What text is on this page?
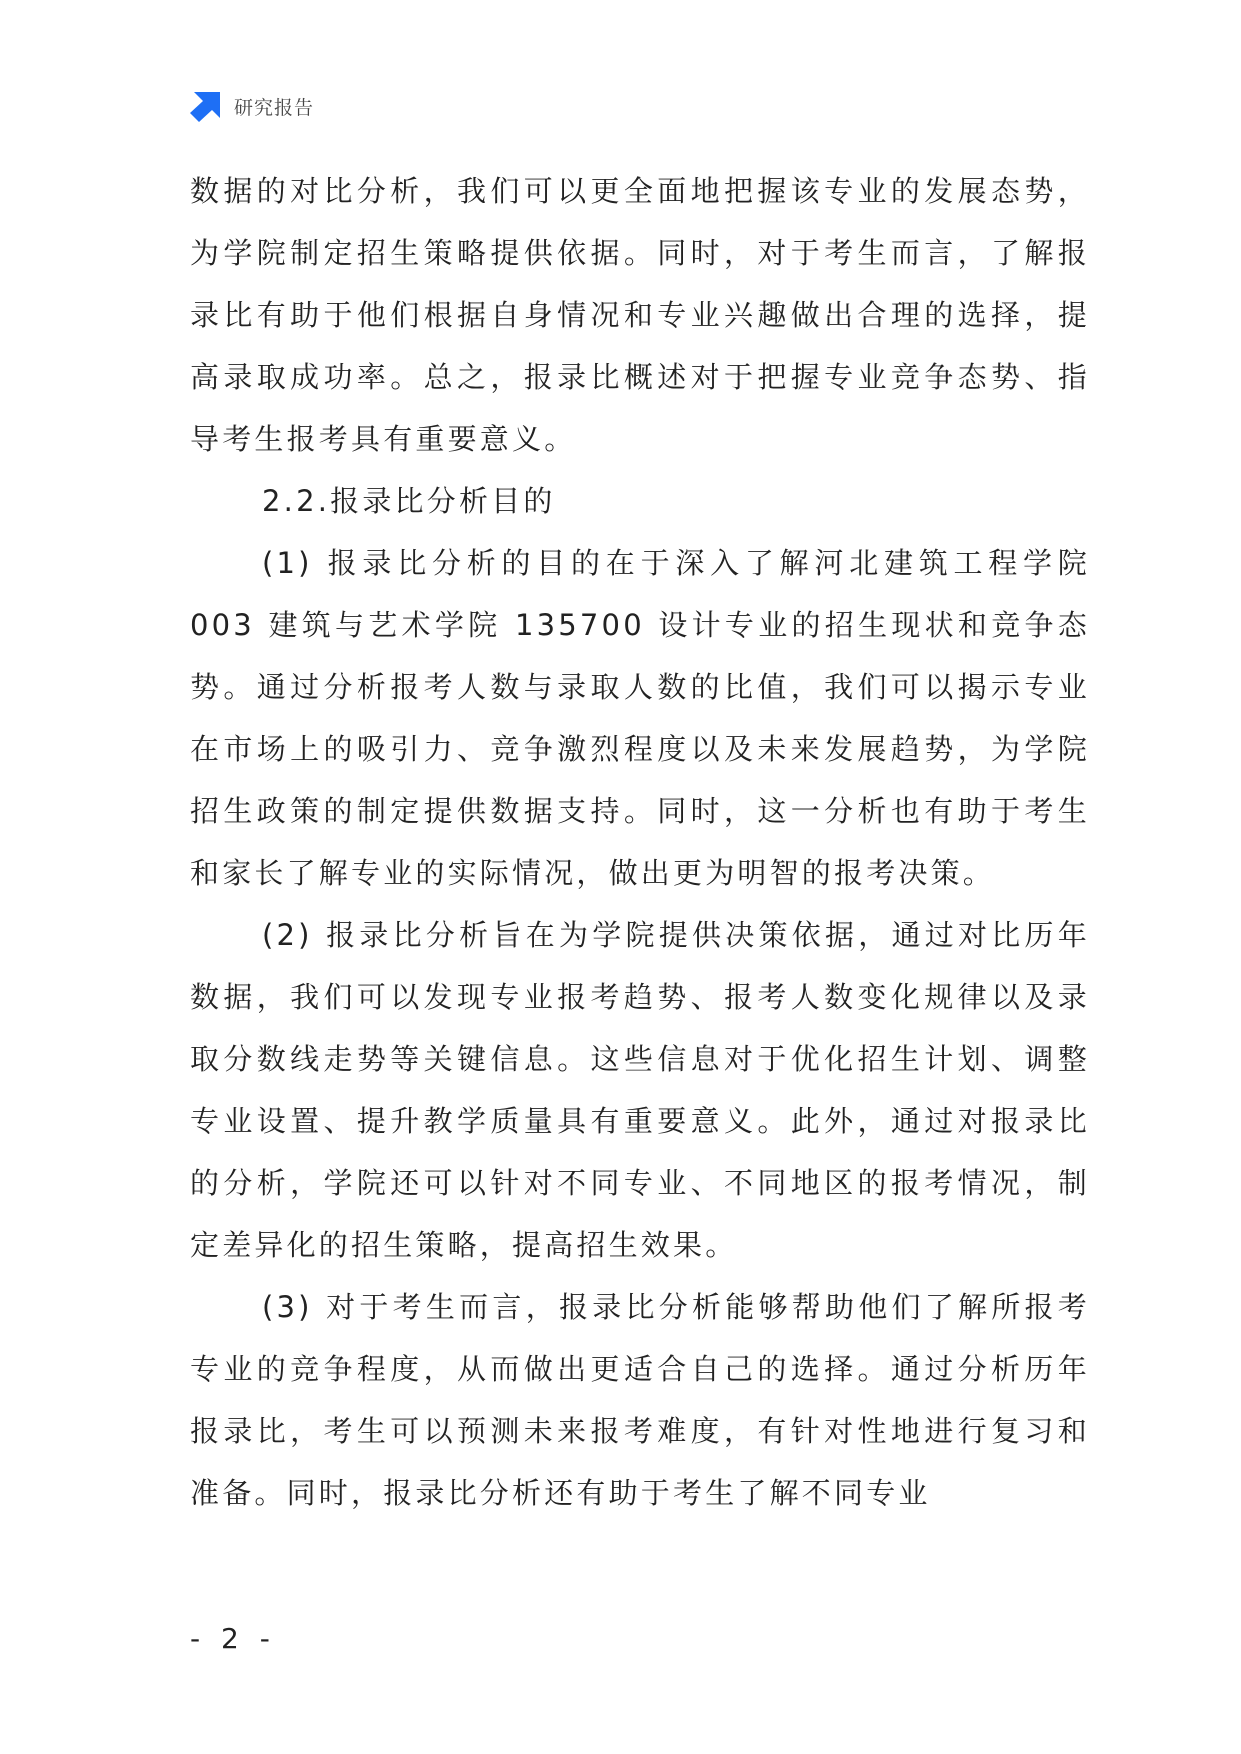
研究报告

数据的对比分析，我们可以更全面地把握该专业的发展态势，为学院制定招生策略提供依据。同时，对于考生而言，了解报录比有助于他们根据自身情况和专业兴趣做出合理的选择，提高录取成功率。总之，报录比概述对于把握专业竞争态势、指导考生报考具有重要意义。

2.2.报录比分析目的

(1) 报录比分析的目的在于深入了解河北建筑工程学院 003 建筑与艺术学院 135700 设计专业的招生现状和竞争态势。通过分析报考人数与录取人数的比值，我们可以揭示专业在市场上的吸引力、竞争激烈程度以及未来发展趋势，为学院招生政策的制定提供数据支持。同时，这一分析也有助于考生和家长了解专业的实际情况，做出更为明智的报考决策。

(2) 报录比分析旨在为学院提供决策依据，通过对比历年数据，我们可以发现专业报考趋势、报考人数变化规律以及录取分数线走势等关键信息。这些信息对于优化招生计划、调整专业设置、提升教学质量具有重要意义。此外，通过对报录比的分析，学院还可以针对不同专业、不同地区的报考情况，制定差异化的招生策略，提高招生效果。

(3) 对于考生而言，报录比分析能够帮助他们了解所报考专业的竞争程度，从而做出更适合自己的选择。通过分析历年报录比，考生可以预测未来报考难度，有针对性地进行复习和准备。同时，报录比分析还有助于考生了解不同专业

- 2 -
